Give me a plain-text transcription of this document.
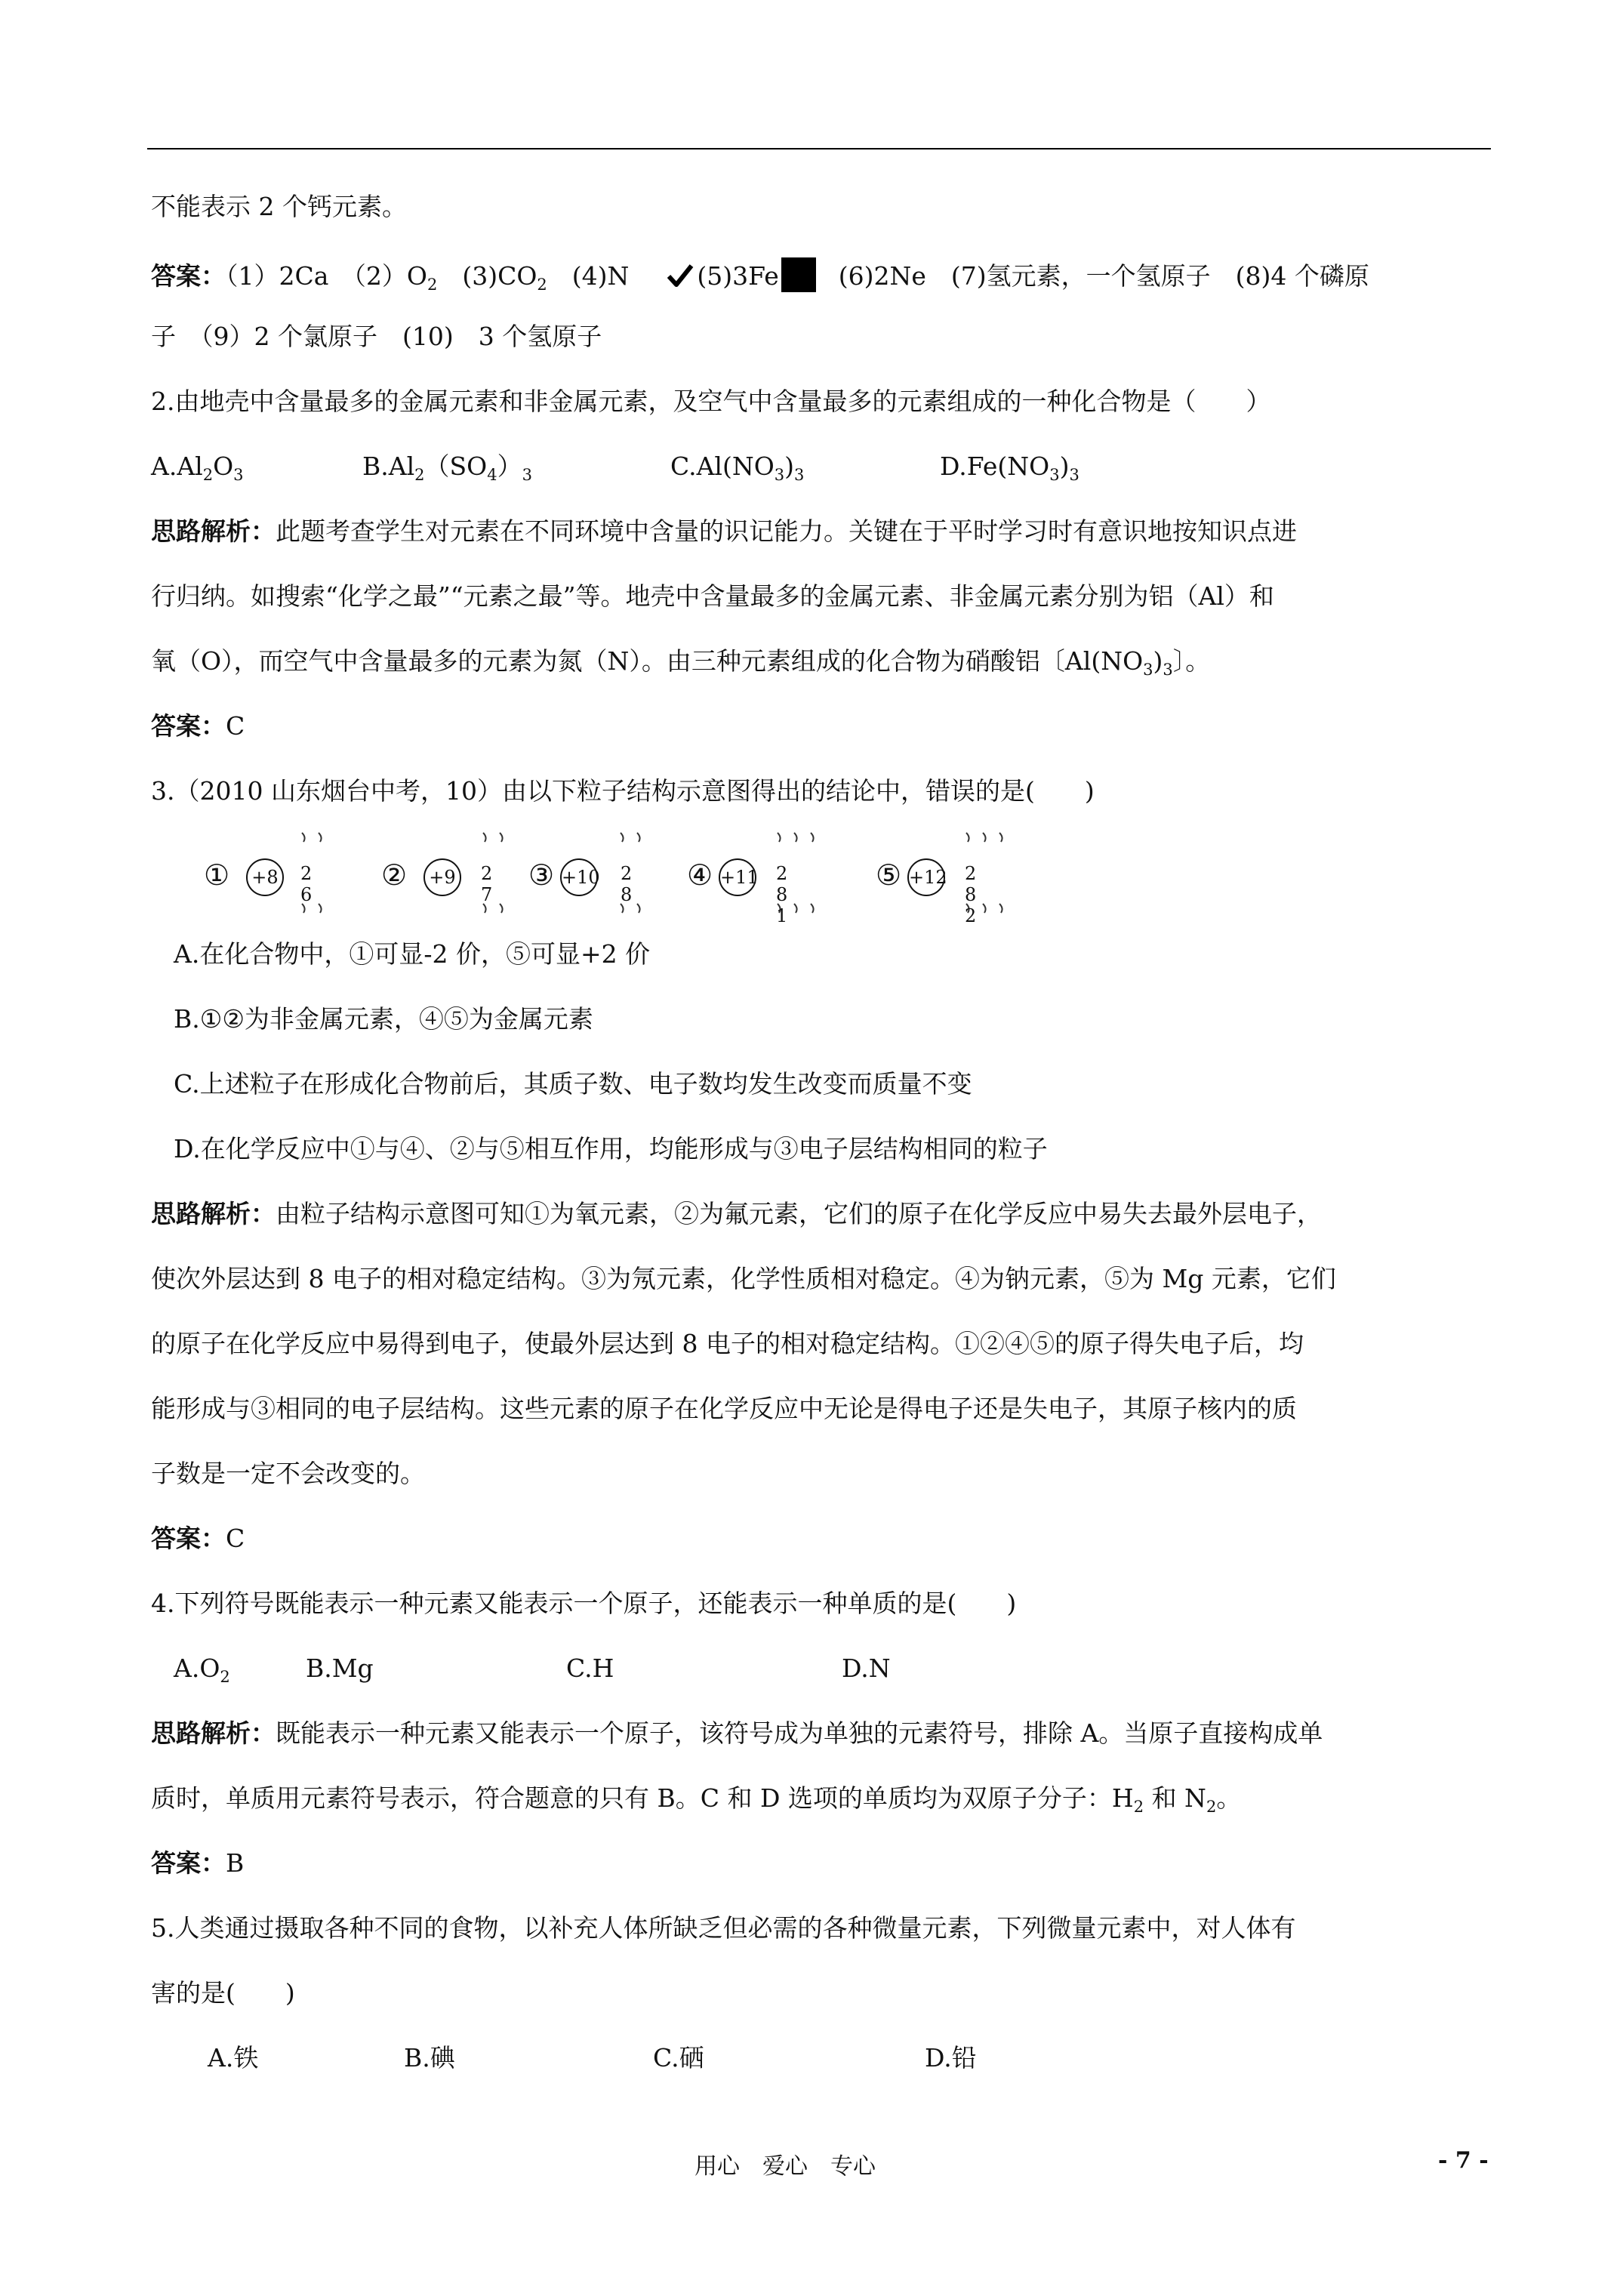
不能表示 2 个钙元素。
答案：（1）2Ca　$(2)O_2$　$(3)CO_2$　(4)N	(5)3Fe (6)2Ne　(7)氢元素，一个氢原子　(8)4 个磷原
子　（9）2 个氯原子　(10)　3 个氢原子
2.由地壳中含量最多的金属元素和非金属元素，及空气中含量最多的元素组成的一种化合物是（　　）
$A.Al_2O_3$	$B.Al_2(SO_4)_3$	$C.Al(NO_3)_3$	$D.Fe(NO_3)_3$
思路解析：此题考查学生对元素在不同环境中含量的识记能力。关键在于平时学习时有意识地按知识点进
行归纳。如搜索“化学之最”“元素之最”等。地壳中含量最多的金属元素、非金属元素分别为铝（Al）和
氧（O），而空气中含量最多的元素为氮（N）。由三种元素组成的化合物为硝酸铝〔$Al(NO_3)_3$〕。
答案：C
3.（2010 山东烟台中考，10）由以下粒子结构示意图得出的结论中，错误的是(　　)
①	+8	2 6
②	+9	2 7
③ +10 2 8
④ +11 2 8 1
⑤ +12 2 8 2
A.在化合物中，①可显-2 价，⑤可显+2 价
B.①②为非金属元素，④⑤为金属元素
C.上述粒子在形成化合物前后，其质子数、电子数均发生改变而质量不变
D.在化学反应中①与④、②与⑤相互作用，均能形成与③电子层结构相同的粒子
思路解析：由粒子结构示意图可知①为氧元素，②为氟元素，它们的原子在化学反应中易失去最外层电子，
使次外层达到 8 电子的相对稳定结构。③为氖元素，化学性质相对稳定。④为钠元素，⑤为 Mg 元素，它们
的原子在化学反应中易得到电子，使最外层达到 8 电子的相对稳定结构。①②④⑤的原子得失电子后，均
能形成与③相同的电子层结构。这些元素的原子在化学反应中无论是得电子还是失电子，其原子核内的质
子数是一定不会改变的。
答案：C
4.下列符号既能表示一种元素又能表示一个原子，还能表示一种单质的是(　　)
$A.O_2$	B.Mg	C.H	D.N
思路解析：既能表示一种元素又能表示一个原子，该符号成为单独的元素符号，排除 A。当原子直接构成单
质时，单质用元素符号表示，符合题意的只有 B。C 和 D 选项的单质均为双原子分子：$H_2$ 和 $N_2$。
答案：B
5.人类通过摄取各种不同的食物，以补充人体所缺乏但必需的各种微量元素，下列微量元素中，对人体有
害的是(　　)
A.铁	B.碘	C.硒	D.铅
用心　爱心　专心	- 7 -
